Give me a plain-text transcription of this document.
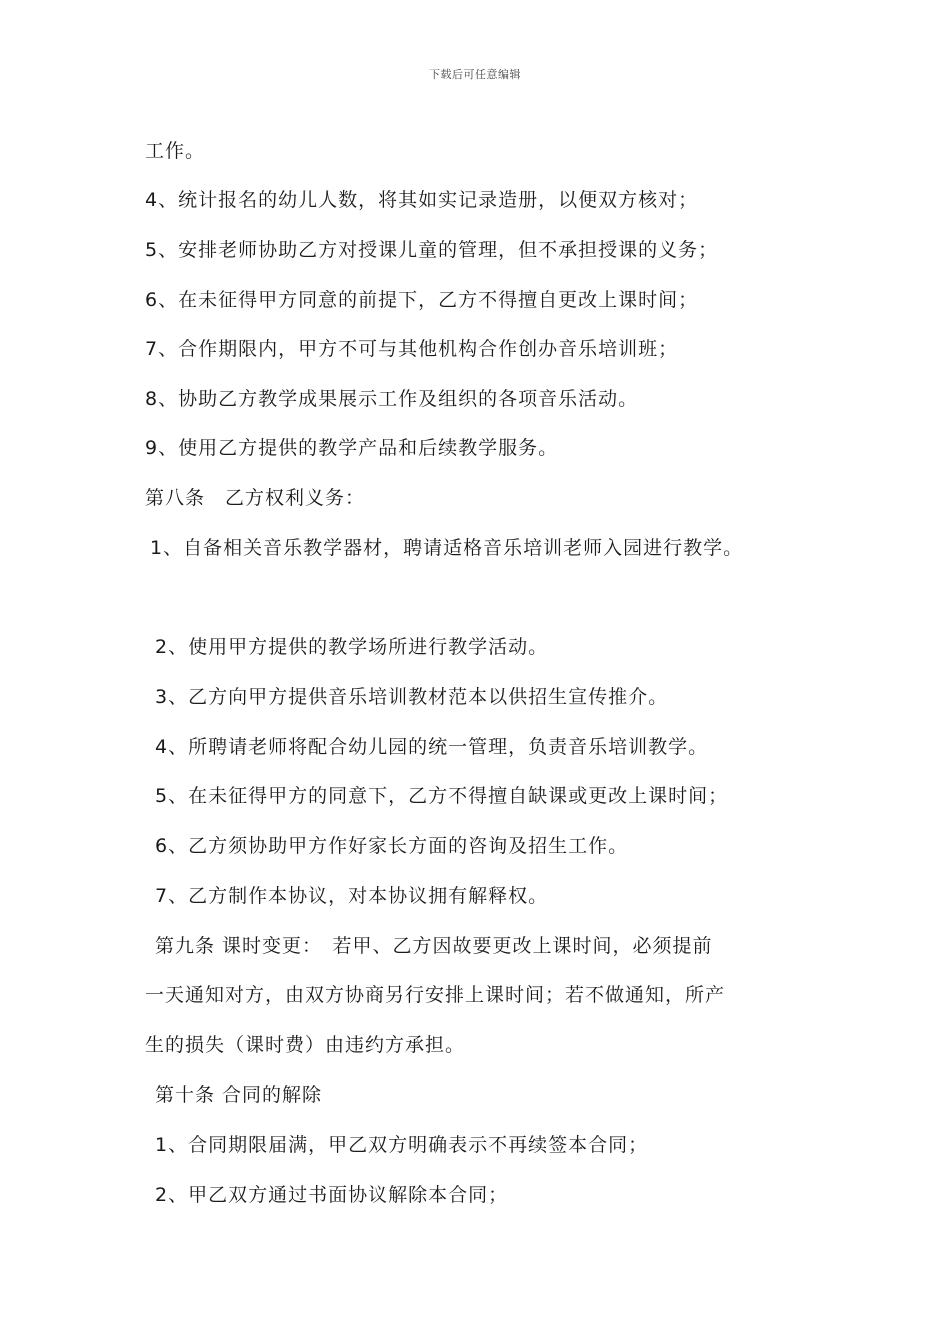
下载后可任意编辑
工作。
4、统计报名的幼儿人数，将其如实记录造册，以便双方核对；
5、安排老师协助乙方对授课儿童的管理，但不承担授课的义务；
6、在未征得甲方同意的前提下，乙方不得擅自更改上课时间；
7、合作期限内，甲方不可与其他机构合作创办音乐培训班；
8、协助乙方教学成果展示工作及组织的各项音乐活动。
9、使用乙方提供的教学产品和后续教学服务。
第八条　乙方权利义务：
1、自备相关音乐教学器材，聘请适格音乐培训老师入园进行教学。
2、使用甲方提供的教学场所进行教学活动。
3、乙方向甲方提供音乐培训教材范本以供招生宣传推介。
4、所聘请老师将配合幼儿园的统一管理，负责音乐培训教学。
5、在未征得甲方的同意下，乙方不得擅自缺课或更改上课时间；
6、乙方须协助甲方作好家长方面的咨询及招生工作。
7、乙方制作本协议，对本协议拥有解释权。
第九条 课时变更：　若甲、乙方因故要更改上课时间，必须提前
一天通知对方，由双方协商另行安排上课时间；若不做通知，所产
生的损失（课时费）由违约方承担。
第十条 合同的解除
1、合同期限届满，甲乙双方明确表示不再续签本合同；
2、甲乙双方通过书面协议解除本合同；
